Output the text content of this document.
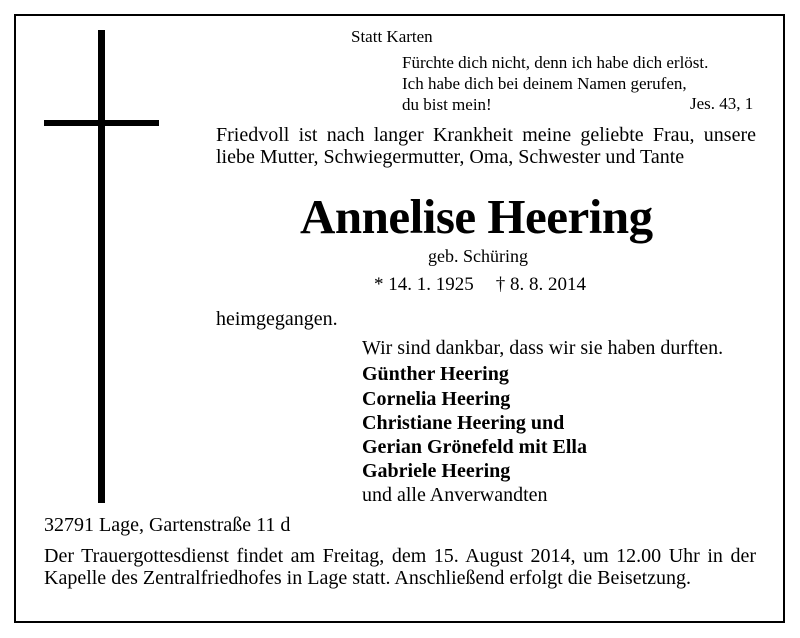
Statt Karten
Fürchte dich nicht, denn ich habe dich erlöst.
Ich habe dich bei deinem Namen gerufen,
du bist mein!	Jes. 43, 1
Friedvoll ist nach langer Krankheit meine geliebte Frau, unsere liebe Mutter, Schwiegermutter, Oma, Schwester und Tante
Annelise Heering
geb. Schüring
* 14. 1. 1925 † 8. 8. 2014
heimgegangen.
Wir sind dankbar, dass wir sie haben durften.
Günther Heering
Cornelia Heering
Christiane Heering und
Gerian Grönefeld mit Ella
Gabriele Heering
und alle Anverwandten
32791 Lage, Gartenstraße 11 d
Der Trauergottesdienst findet am Freitag, dem 15. August 2014, um 12.00 Uhr in der Kapelle des Zentralfriedhofes in Lage statt. Anschließend erfolgt die Beisetzung.
